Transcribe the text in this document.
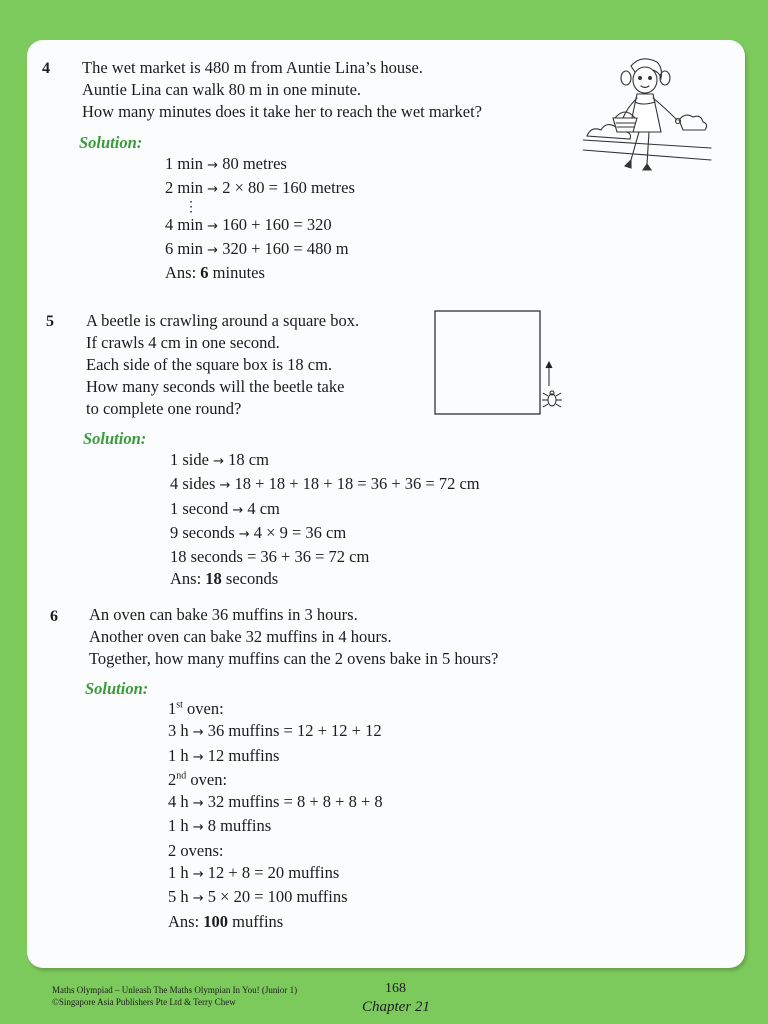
4 The wet market is 480 m from Auntie Lina’s house.
Auntie Lina can walk 80 m in one minute.
How many minutes does it take her to reach the wet market?
Solution:
1 min → 80 metres
2 min → 2 × 80 = 160 metres
⋮
4 min → 160 + 160 = 320
6 min → 320 + 160 = 480 m
Ans: 6 minutes
5 A beetle is crawling around a square box.
If crawls 4 cm in one second.
Each side of the square box is 18 cm.
How many seconds will the beetle take
to complete one round?
Solution:
1 side → 18 cm
4 sides → 18 + 18 + 18 + 18 = 36 + 36 = 72 cm
1 second → 4 cm
9 seconds → 4 × 9 = 36 cm
18 seconds = 36 + 36 = 72 cm
Ans: 18 seconds
6 An oven can bake 36 muffins in 3 hours.
Another oven can bake 32 muffins in 4 hours.
Together, how many muffins can the 2 ovens bake in 5 hours?
Solution:
1st oven:
3 h → 36 muffins = 12 + 12 + 12
1 h → 12 muffins
2nd oven:
4 h → 32 muffins = 8 + 8 + 8 + 8
1 h → 8 muffins
2 ovens:
1 h → 12 + 8 = 20 muffins
5 h → 5 × 20 = 100 muffins
Ans: 100 muffins
Maths Olympiad – Unleash The Maths Olympian In You! (Junior 1)
©Singapore Asia Publishers Pte Ltd & Terry Chew
168
Chapter 21
